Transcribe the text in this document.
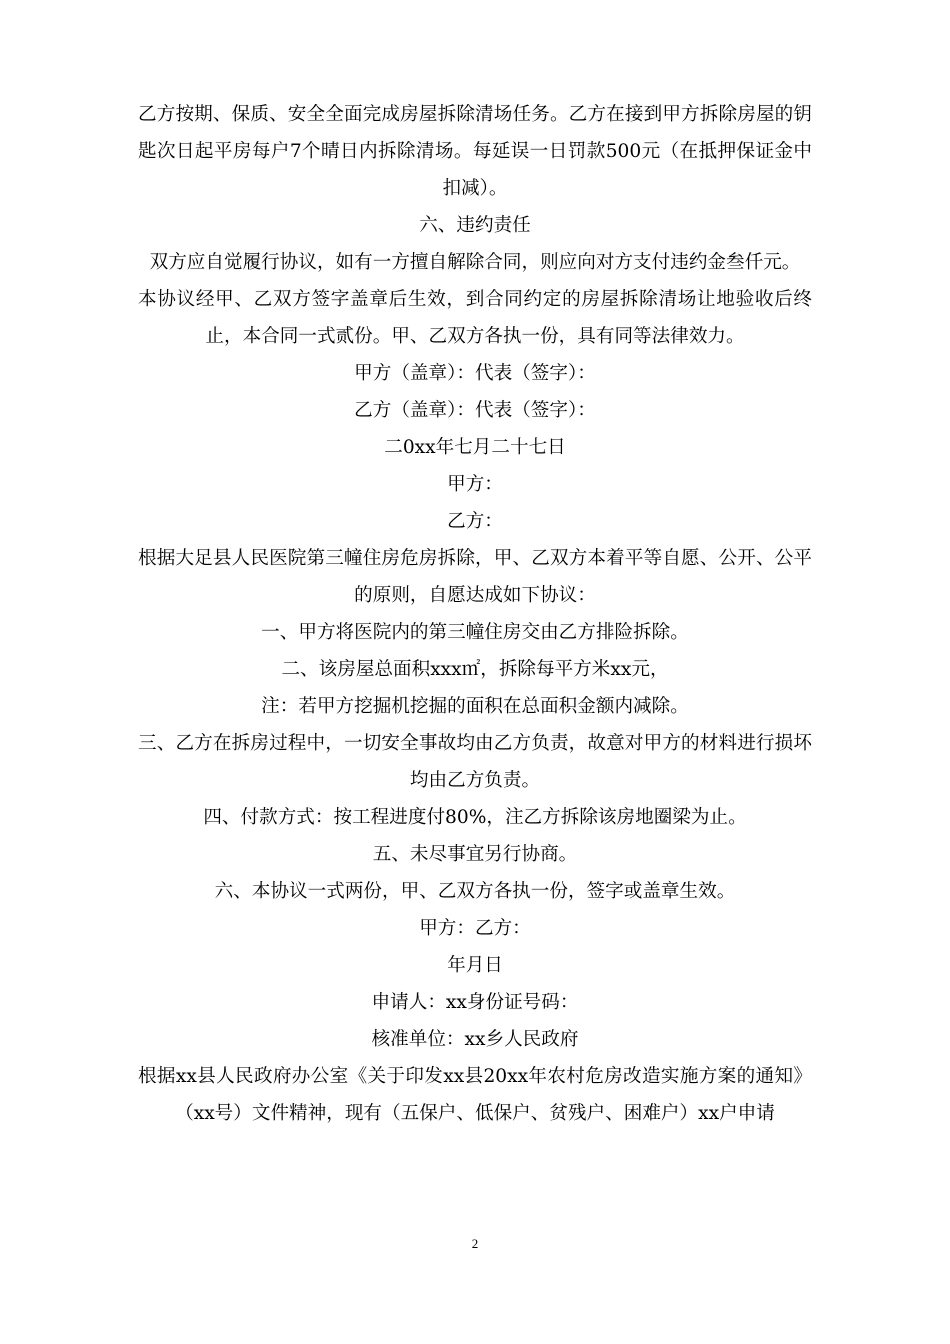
乙方按期、保质、安全全面完成房屋拆除清场任务。乙方在接到甲方拆除房屋的钥匙次日起平房每户7个晴日内拆除清场。每延误一日罚款500元（在抵押保证金中扣减）。

六、违约责任

双方应自觉履行协议，如有一方擅自解除合同，则应向对方支付违约金叁仟元。

本协议经甲、乙双方签字盖章后生效，到合同约定的房屋拆除清场让地验收后终止，本合同一式贰份。甲、乙双方各执一份，具有同等法律效力。

甲方（盖章）：代表（签字）：

乙方（盖章）：代表（签字）：

二0xx年七月二十七日

甲方：

乙方：

根据大足县人民医院第三幢住房危房拆除，甲、乙双方本着平等自愿、公开、公平的原则，自愿达成如下协议：

一、甲方将医院内的第三幢住房交由乙方排险拆除。

二、该房屋总面积xxx㎡，拆除每平方米xx元，

注：若甲方挖掘机挖掘的面积在总面积金额内减除。

三、乙方在拆房过程中，一切安全事故均由乙方负责，故意对甲方的材料进行损坏均由乙方负责。

四、付款方式：按工程进度付80%，注乙方拆除该房地圈梁为止。

五、未尽事宜另行协商。

六、本协议一式两份，甲、乙双方各执一份，签字或盖章生效。

甲方：乙方：

年月日

申请人：xx身份证号码：

核准单位：xx乡人民政府

根据xx县人民政府办公室《关于印发xx县20xx年农村危房改造实施方案的通知》（xx号）文件精神，现有（五保户、低保户、贫残户、困难户）xx户申请

2
